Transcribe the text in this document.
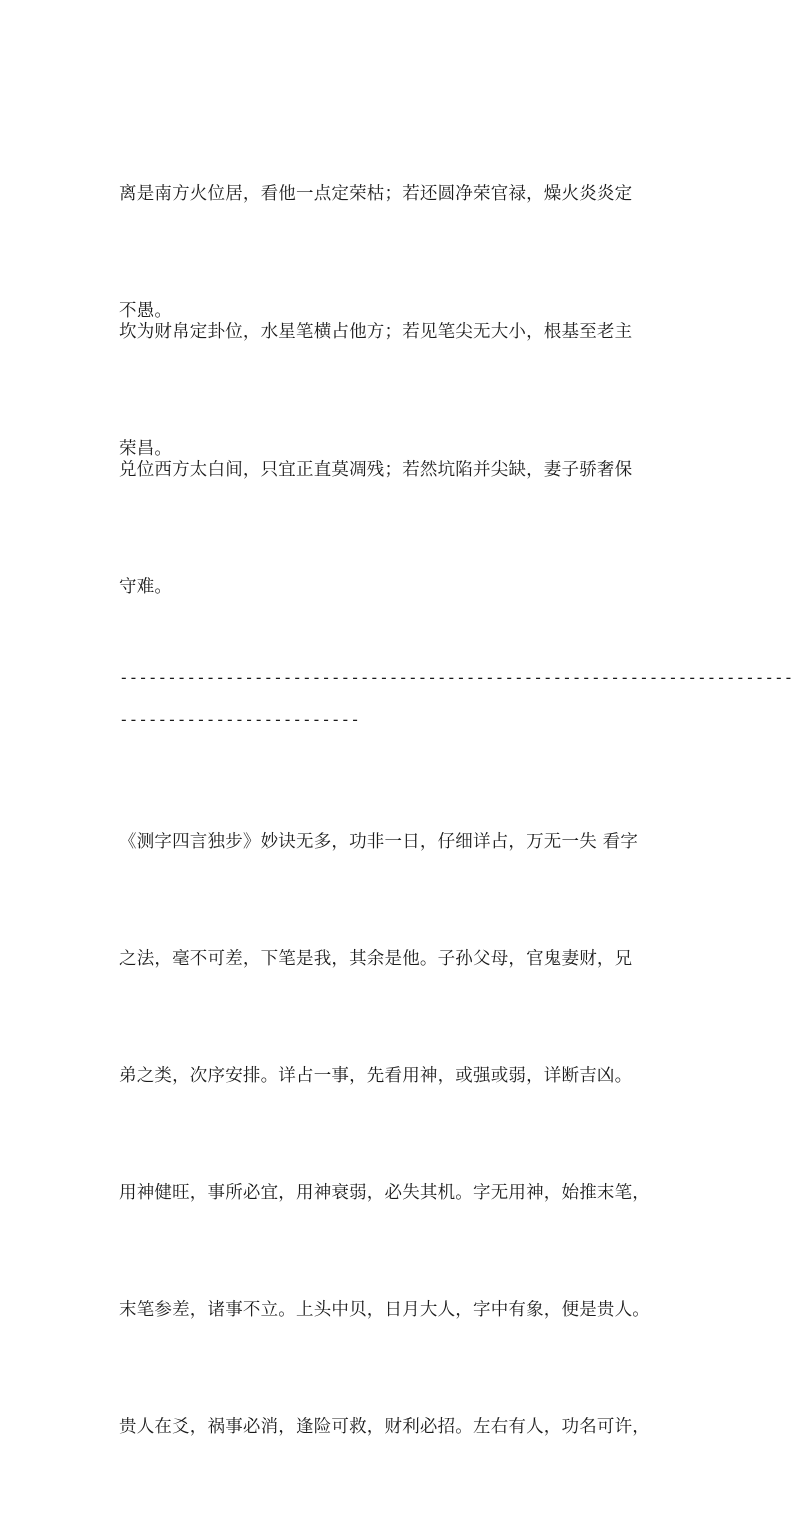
离是南方火位居，看他一点定荣枯；若还圆净荣官禄，燥火炎炎定

不愚。

坎为财帛定卦位，水星笔横占他方；若见笔尖无大小，根基至老主

荣昌。

兑位西方太白间，只宜正直莫凋残；若然坑陷并尖缺，妻子骄奢保

守难。

----------------------------------------------------------------------
-------------------------

《测字四言独步》妙诀无多，功非一日，仔细详占，万无一失 看字

之法，毫不可差，下笔是我，其余是他。子孙父母，官鬼妻财，兄

弟之类，次序安排。详占一事，先看用神，或强或弱，详断吉凶。

用神健旺，事所必宜，用神衰弱，必失其机。字无用神，始推末笔，

末笔参差，诸事不立。上头中贝，日月大人，字中有象，便是贵人。

贵人在爻，祸事必消，逢险可救，财利必招。左右有人，功名可许，
